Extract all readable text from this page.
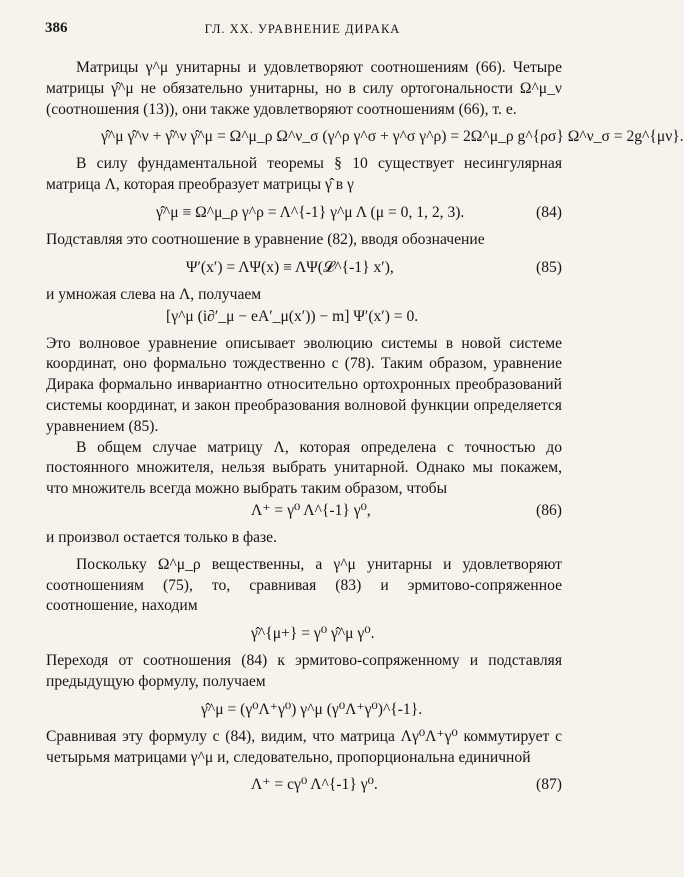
386	ГЛ. XX. УРАВНЕНИЕ ДИРАКА

Матрицы γ^μ унитарны и удовлетворяют соотношениям (66). Четыре матрицы γ̂^μ не обязательно унитарны, но в силу ортогональности Ω^μ_ν (соотношения (13)), они также удовлетворяют соотношениям (66), т. е.

γ̂^μ γ̂^ν + γ̂^ν γ̂^μ = Ω^μ_ρ Ω^ν_σ (γ^ρ γ^σ + γ^σ γ^ρ) = 2Ω^μ_ρ g^{ρσ} Ω^ν_σ = 2g^{μν}.

В силу фундаментальной теоремы § 10 существует несингулярная матрица Λ, которая преобразует матрицы γ̂ в γ

γ̂^μ ≡ Ω^μ_ρ γ^ρ = Λ^{-1} γ^μ Λ (μ = 0, 1, 2, 3).	(84)

Подставляя это соотношение в уравнение (82), вводя обозначение

Ψ′(x′) = ΛΨ(x) ≡ ΛΨ(𝓛^{-1} x′),	(85)

и умножая слева на Λ, получаем

[γ^μ (i∂′_μ − eA′_μ(x′)) − m] Ψ′(x′) = 0.

Это волновое уравнение описывает эволюцию системы в новой системе координат, оно формально тождественно с (78). Таким образом, уравнение Дирака формально инвариантно относительно ортохронных преобразований системы координат, и закон преобразования волновой функции определяется уравнением (85).

В общем случае матрицу Λ, которая определена с точностью до постоянного множителя, нельзя выбрать унитарной. Однако мы покажем, что множитель всегда можно выбрать таким образом, чтобы

Λ⁺ = γ⁰ Λ^{-1} γ⁰,	(86)

и произвол остается только в фазе.

Поскольку Ω^μ_ρ вещественны, а γ^μ унитарны и удовлетворяют соотношениям (75), то, сравнивая (83) и эрмитово-сопряженное соотношение, находим

γ̂^{μ+} = γ⁰ γ̂^μ γ⁰.

Переходя от соотношения (84) к эрмитово-сопряженному и подставляя предыдущую формулу, получаем

γ̂^μ = (γ⁰Λ⁺γ⁰) γ^μ (γ⁰Λ⁺γ⁰)^{-1}.

Сравнивая эту формулу с (84), видим, что матрица Λγ⁰Λ⁺γ⁰ коммутирует с четырьмя матрицами γ^μ и, следовательно, пропорциональна единичной

Λ⁺ = cγ⁰ Λ^{-1} γ⁰.	(87)
